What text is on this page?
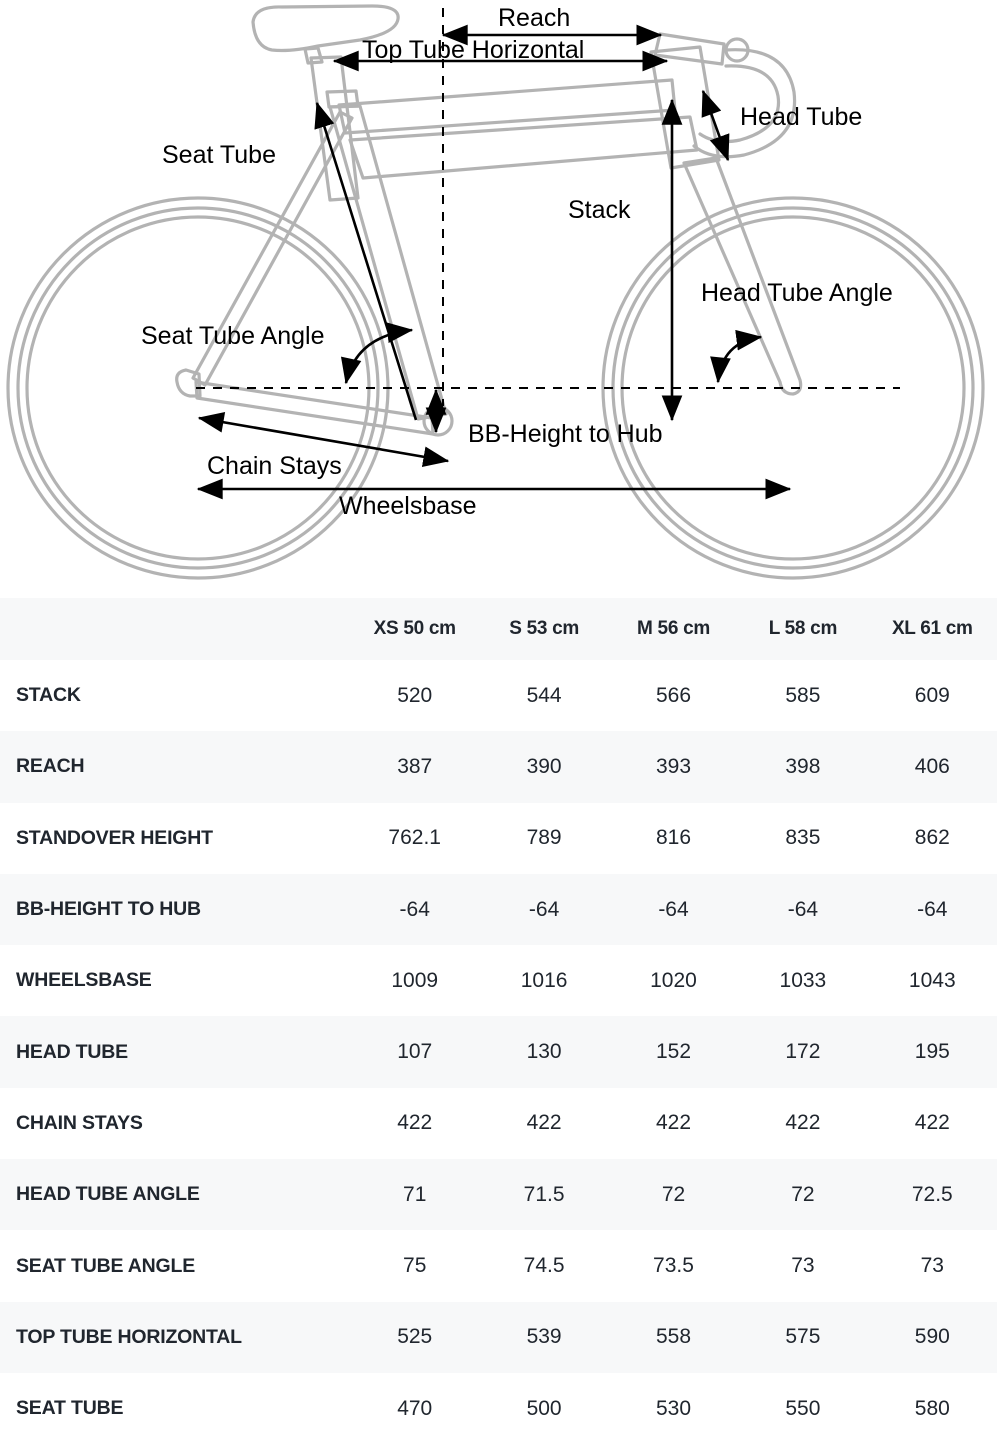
Reach
Top Tube Horizontal
Head Tube
Seat Tube
Stack
Head Tube Angle
Seat Tube Angle
BB-Height to Hub
Chain Stays
Wheelsbase
	XS 50 cm	S 53 cm	M 56 cm	L 58 cm	XL 61 cm
STACK	520	544	566	585	609
REACH	387	390	393	398	406
STANDOVER HEIGHT	762.1	789	816	835	862
BB-HEIGHT TO HUB	-64	-64	-64	-64	-64
WHEELSBASE	1009	1016	1020	1033	1043
HEAD TUBE	107	130	152	172	195
CHAIN STAYS	422	422	422	422	422
HEAD TUBE ANGLE	71	71.5	72	72	72.5
SEAT TUBE ANGLE	75	74.5	73.5	73	73
TOP TUBE HORIZONTAL	525	539	558	575	590
SEAT TUBE	470	500	530	550	580
